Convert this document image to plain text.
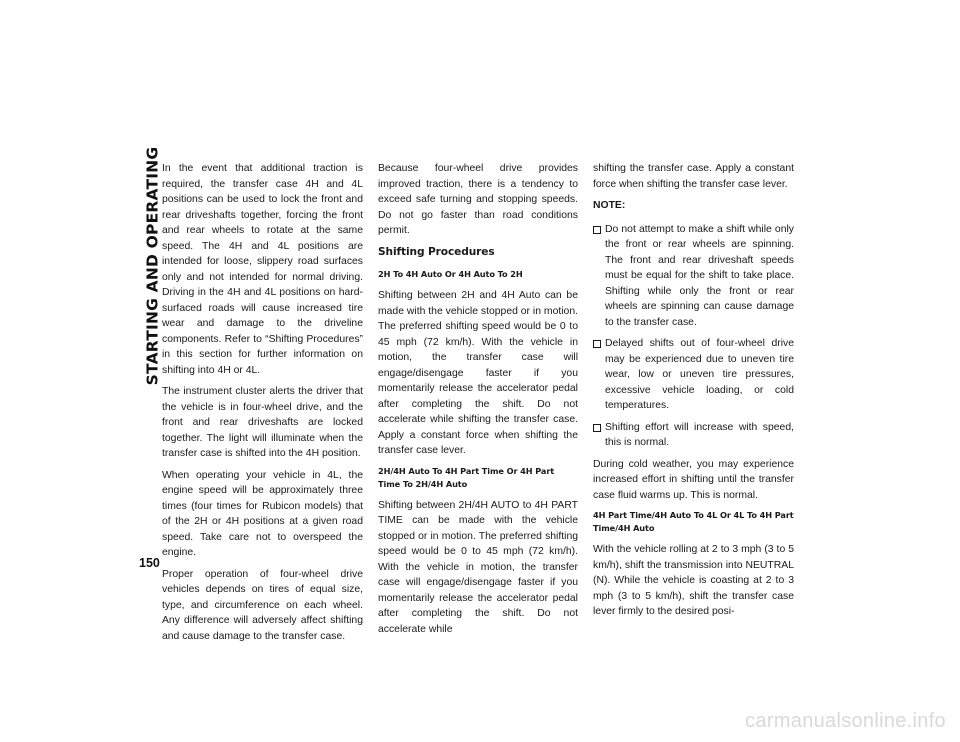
STARTING AND OPERATING
150

In the event that additional traction is required, the transfer case 4H and 4L positions can be used to lock the front and rear driveshafts together, forcing the front and rear wheels to rotate at the same speed. The 4H and 4L positions are intended for loose, slippery road surfaces only and not intended for normal driving. Driving in the 4H and 4L positions on hard-surfaced roads will cause increased tire wear and damage to the driveline components. Refer to “Shifting Procedures” in this section for further information on shifting into 4H or 4L.

The instrument cluster alerts the driver that the vehicle is in four-wheel drive, and the front and rear driveshafts are locked together. The light will illuminate when the transfer case is shifted into the 4H position.

When operating your vehicle in 4L, the engine speed will be approximately three times (four times for Rubicon models) that of the 2H or 4H positions at a given road speed. Take care not to overspeed the engine.

Proper operation of four-wheel drive vehicles depends on tires of equal size, type, and circumference on each wheel. Any difference will adversely affect shifting and cause damage to the transfer case.

Because four-wheel drive provides improved traction, there is a tendency to exceed safe turning and stopping speeds. Do not go faster than road conditions permit.

Shifting Procedures
2H To 4H Auto Or 4H Auto To 2H

Shifting between 2H and 4H Auto can be made with the vehicle stopped or in motion. The preferred shifting speed would be 0 to 45 mph (72 km/h). With the vehicle in motion, the transfer case will engage/disengage faster if you momentarily release the accelerator pedal after completing the shift. Do not accelerate while shifting the transfer case. Apply a constant force when shifting the transfer case lever.

2H/4H Auto To 4H Part Time Or 4H Part Time To 2H/4H Auto

Shifting between 2H/4H AUTO to 4H PART TIME can be made with the vehicle stopped or in motion. The preferred shifting speed would be 0 to 45 mph (72 km/h). With the vehicle in motion, the transfer case will engage/disengage faster if you momentarily release the accelerator pedal after completing the shift. Do not accelerate while

shifting the transfer case. Apply a constant force when shifting the transfer case lever.

NOTE:
Do not attempt to make a shift while only the front or rear wheels are spinning. The front and rear driveshaft speeds must be equal for the shift to take place. Shifting while only the front or rear wheels are spinning can cause damage to the transfer case.
Delayed shifts out of four-wheel drive may be experienced due to uneven tire wear, low or uneven tire pressures, excessive vehicle loading, or cold temperatures.
Shifting effort will increase with speed, this is normal.

During cold weather, you may experience increased effort in shifting until the transfer case fluid warms up. This is normal.

4H Part Time/4H Auto To 4L Or 4L To 4H Part Time/4H Auto

With the vehicle rolling at 2 to 3 mph (3 to 5 km/h), shift the transmission into NEUTRAL (N). While the vehicle is coasting at 2 to 3 mph (3 to 5 km/h), shift the transfer case lever firmly to the desired posi-

carmanualsonline.info
